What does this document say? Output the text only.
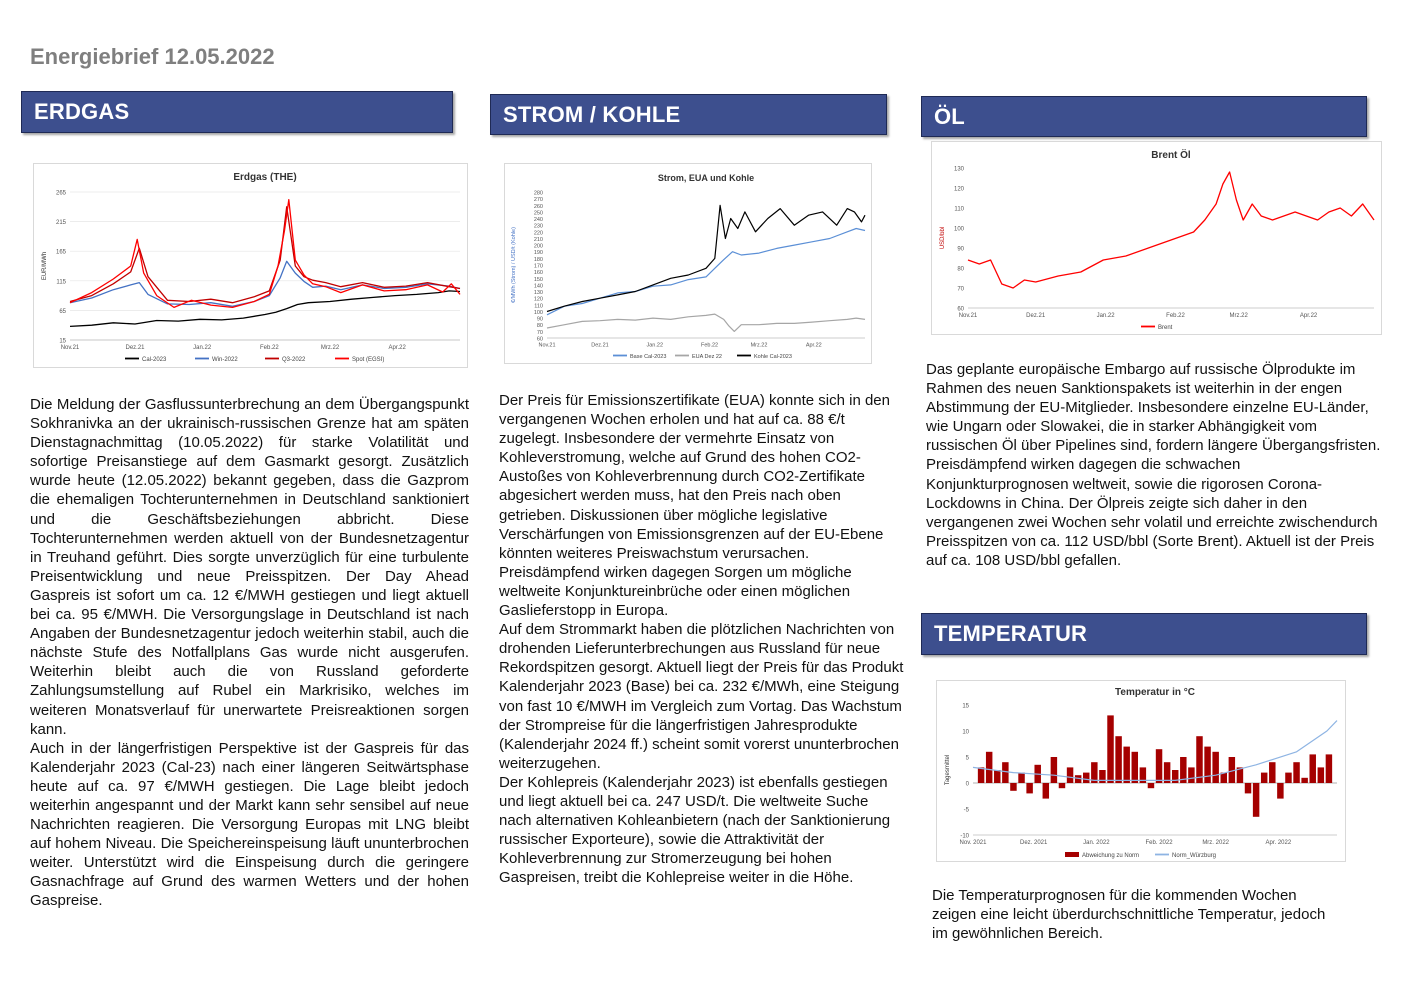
Energiebrief 12.05.2022
ERDGAS
Erdgas (THE)
15
65
115
165
215
265
Nov.21	Dez.21	Jan.22	Feb.22	Mrz.22	Apr.22
EUR/MWh
Cal-2023	Win-2022	Q3-2022	Spot (EGSI)

Die Meldung der Gasflussunterbrechung an dem Übergangspunkt Sokhranivka an der ukrainisch-russischen Grenze hat am späten Dienstagnachmittag (10.05.2022) für starke Volatilität und sofortige Preisanstiege auf dem Gasmarkt gesorgt. Zusätzlich wurde heute (12.05.2022) bekannt gegeben, dass die Gazprom die ehemaligen Tochterunternehmen in Deutschland sanktioniert und die Geschäftsbeziehungen abbricht. Diese Tochterunternehmen werden aktuell von der Bundesnetzagentur in Treuhand geführt. Dies sorgte unverzüglich für eine turbulente Preisentwicklung und neue Preisspitzen. Der Day Ahead Gaspreis ist sofort um ca. 12 €/MWH gestiegen und liegt aktuell bei ca. 95 €/MWH. Die Versorgungslage in Deutschland ist nach Angaben der Bundesnetzagentur jedoch weiterhin stabil, auch die nächste Stufe des Notfallplans Gas wurde nicht ausgerufen. Weiterhin bleibt auch die von Russland geforderte Zahlungsumstellung auf Rubel ein Markrisiko, welches im weiteren Monatsverlauf für unerwartete Preisreaktionen sorgen kann.

Auch in der längerfristigen Perspektive ist der Gaspreis für das Kalenderjahr 2023 (Cal-23) nach einer längeren Seitwärtsphase heute auf ca. 97 €/MWH gestiegen. Die Lage bleibt jedoch weiterhin angespannt und der Markt kann sehr sensibel auf neue Nachrichten reagieren. Die Versorgung Europas mit LNG bleibt auf hohem Niveau. Die Speichereinspeisung läuft ununterbrochen weiter. Unterstützt wird die Einspeisung durch die geringere Gasnachfrage auf Grund des warmen Wetters und der hohen Gaspreise.

STROM / KOHLE
Strom, EUA und Kohle
60
70
80
90
100
110
120
130
140
150
160
170
180
190
200
210
220
230
240
250
260
270
280
Nov.21	Dez.21	Jan.22	Feb.22	Mrz.22	Apr.22
€/MWh (Strom) / USD/t (Kohle)
Base Cal-2023	EUA Dez 22	Kohle Cal-2023

Der Preis für Emissionszertifikate (EUA) konnte sich in den vergangenen Wochen erholen und hat auf ca. 88 €/t zugelegt. Insbesondere der vermehrte Einsatz von Kohleverstromung, welche auf Grund des hohen CO2-Austoßes von Kohleverbrennung durch CO2-Zertifikate abgesichert werden muss, hat den Preis nach oben getrieben. Diskussionen über mögliche legislative Verschärfungen von Emissionsgrenzen auf der EU-Ebene könnten weiteres Preiswachstum verursachen. Preisdämpfend wirken dagegen Sorgen um mögliche weltweite Konjunktureinbrüche oder einen möglichen Gaslieferstopp in Europa.

Auf dem Strommarkt haben die plötzlichen Nachrichten von drohenden Lieferunterbrechungen aus Russland für neue Rekordspitzen gesorgt. Aktuell liegt der Preis für das Produkt Kalenderjahr 2023 (Base) bei ca. 232 €/MWh, eine Steigung von fast 10 €/MWH im Vergleich zum Vortag. Das Wachstum der Strompreise für die längerfristigen Jahresprodukte (Kalenderjahr 2024 ff.) scheint somit vorerst ununterbrochen weiterzugehen.

Der Kohlepreis (Kalenderjahr 2023) ist ebenfalls gestiegen und liegt aktuell bei ca. 247 USD/t. Die weltweite Suche nach alternativen Kohleanbietern (nach der Sanktionierung russischer Exporteure), sowie die Attraktivität der Kohleverbrennung zur Stromerzeugung bei hohen Gaspreisen, treibt die Kohlepreise weiter in die Höhe.

ÖL
Brent Öl
60
70
80
90
100
110
120
130
Nov.21	Dez.21	Jan.22	Feb.22	Mrz.22	Apr.22
USD/bbl
Brent

Das geplante europäische Embargo auf russische Ölprodukte im Rahmen des neuen Sanktionspakets ist weiterhin in der engen Abstimmung der EU-Mitglieder. Insbesondere einzelne EU-Länder, wie Ungarn oder Slowakei, die in starker Abhängigkeit vom russischen Öl über Pipelines sind, fordern längere Übergangsfristen. Preisdämpfend wirken dagegen die schwachen Konjunkturprognosen weltweit, sowie die rigorosen Corona-Lockdowns in China. Der Ölpreis zeigte sich daher in den vergangenen zwei Wochen sehr volatil und erreichte zwischendurch Preisspitzen von ca. 112 USD/bbl (Sorte Brent). Aktuell ist der Preis auf ca. 108 USD/bbl gefallen.

TEMPERATUR
Temperatur in °C
-10
-5
0
5
10
15
Nov. 2021	Dez. 2021	Jan. 2022	Feb. 2022	Mrz. 2022	Apr. 2022
Tagesmittel
Abweichung zu Norm	Norm_Würzburg

Die Temperaturprognosen für die kommenden Wochen zeigen eine leicht überdurchschnittliche Temperatur, jedoch im gewöhnlichen Bereich.
